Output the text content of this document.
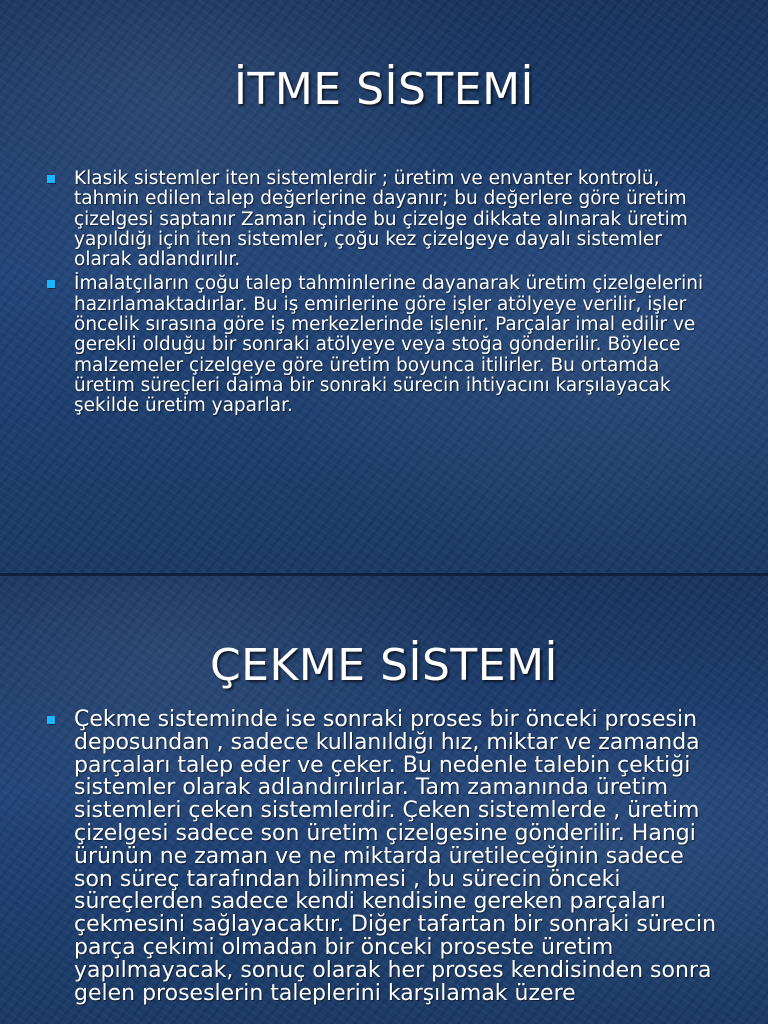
İTME SİSTEMİ
Klasik sistemler iten sistemlerdir ; üretim ve envanter kontrolü, tahmin edilen talep değerlerine dayanır; bu değerlere göre üretim çizelgesi saptanır Zaman içinde bu çizelge dikkate alınarak üretim yapıldığı için iten sistemler, çoğu kez çizelgeye dayalı sistemler olarak adlandırılır.
İmalatçıların çoğu talep tahminlerine dayanarak üretim çizelgelerini hazırlamaktadırlar. Bu iş emirlerine göre işler atölyeye verilir, işler öncelik sırasına göre iş merkezlerinde işlenir. Parçalar imal edilir ve gerekli olduğu bir sonraki atölyeye veya stoğa gönderilir. Böylece malzemeler çizelgeye göre üretim boyunca itilirler. Bu ortamda üretim süreçleri daima bir sonraki sürecin ihtiyacını karşılayacak şekilde üretim yaparlar.
ÇEKME SİSTEMİ
Çekme sisteminde ise sonraki proses bir önceki prosesin deposundan , sadece kullanıldığı hız, miktar ve zamanda parçaları talep eder ve çeker. Bu nedenle talebin çektiği sistemler olarak adlandırılırlar. Tam zamanında üretim sistemleri çeken sistemlerdir. Çeken sistemlerde , üretim çizelgesi sadece son üretim çizelgesine gönderilir. Hangi ürünün ne zaman ve ne miktarda üretileceğinin sadece son süreç tarafından bilinmesi , bu sürecin önceki süreçlerden sadece kendi kendisine gereken parçaları çekmesini sağlayacaktır. Diğer tafartan bir sonraki sürecin parça çekimi olmadan bir önceki proseste üretim yapılmayacak, sonuç olarak her proses kendisinden sonra gelen proseslerin taleplerini karşılamak üzere
